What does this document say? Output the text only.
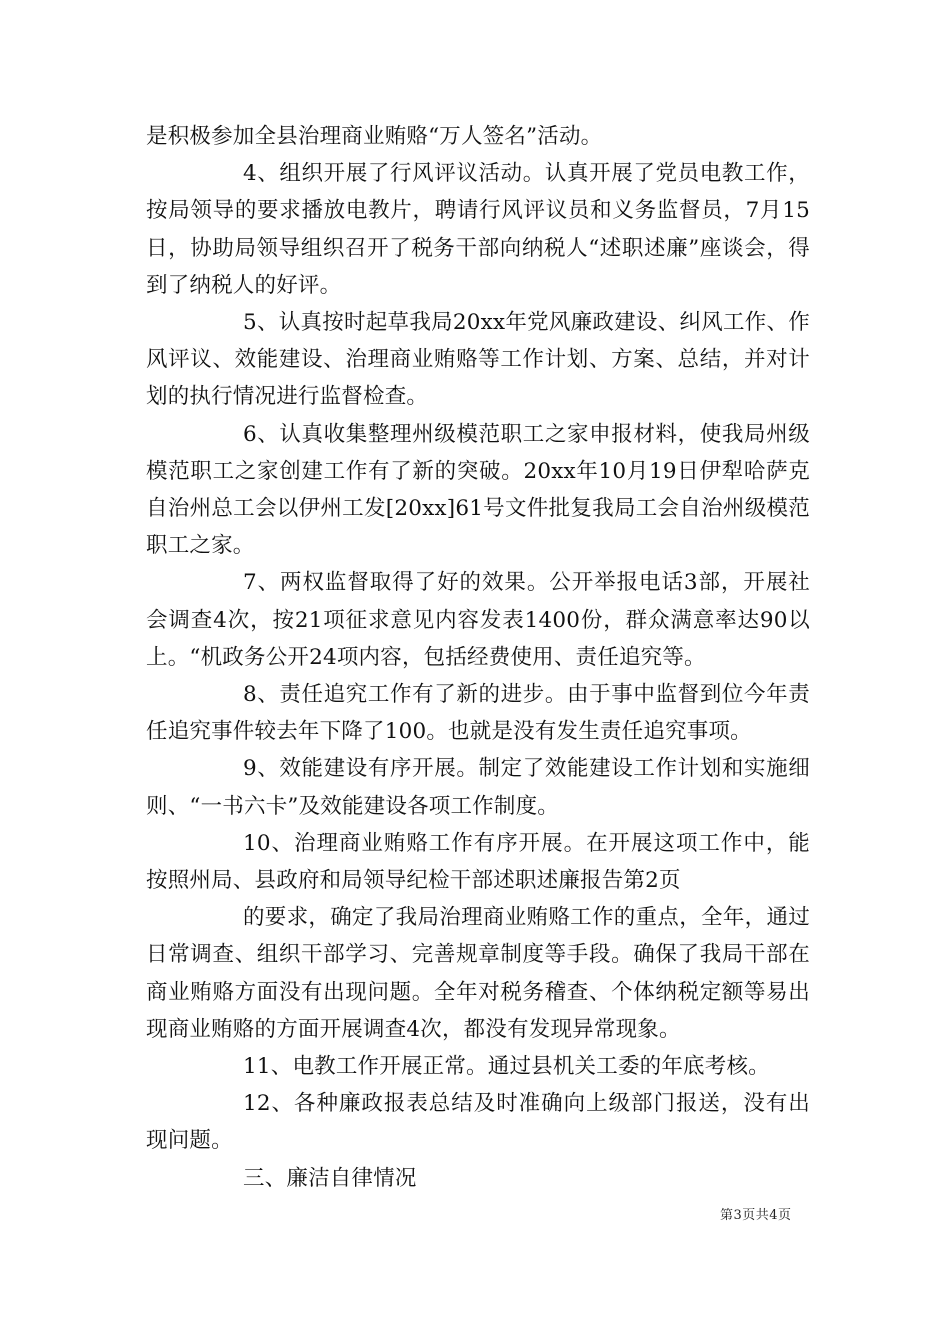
是积极参加全县治理商业贿赂“万人签名”活动。

4、组织开展了行风评议活动。认真开展了党员电教工作，按局领导的要求播放电教片，聘请行风评议员和义务监督员，7月15日，协助局领导组织召开了税务干部向纳税人“述职述廉”座谈会，得到了纳税人的好评。

5、认真按时起草我局20xx年党风廉政建设、纠风工作、作风评议、效能建设、治理商业贿赂等工作计划、方案、总结，并对计划的执行情况进行监督检查。

6、认真收集整理州级模范职工之家申报材料，使我局州级模范职工之家创建工作有了新的突破。20xx年10月19日伊犁哈萨克自治州总工会以伊州工发[20xx]61号文件批复我局工会自治州级模范职工之家。

7、两权监督取得了好的效果。公开举报电话3部，开展社会调查4次，按21项征求意见内容发表1400份，群众满意率达90以上。“机政务公开24项内容，包括经费使用、责任追究等。

8、责任追究工作有了新的进步。由于事中监督到位今年责任追究事件较去年下降了100。也就是没有发生责任追究事项。

9、效能建设有序开展。制定了效能建设工作计划和实施细则、“一书六卡”及效能建设各项工作制度。

10、治理商业贿赂工作有序开展。在开展这项工作中，能按照州局、县政府和局领导纪检干部述职述廉报告第2页

的要求，确定了我局治理商业贿赂工作的重点，全年，通过日常调查、组织干部学习、完善规章制度等手段。确保了我局干部在商业贿赂方面没有出现问题。全年对税务稽查、个体纳税定额等易出现商业贿赂的方面开展调查4次，都没有发现异常现象。

11、电教工作开展正常。通过县机关工委的年底考核。

12、各种廉政报表总结及时准确向上级部门报送，没有出现问题。

三、廉洁自律情况

第3页共4页
